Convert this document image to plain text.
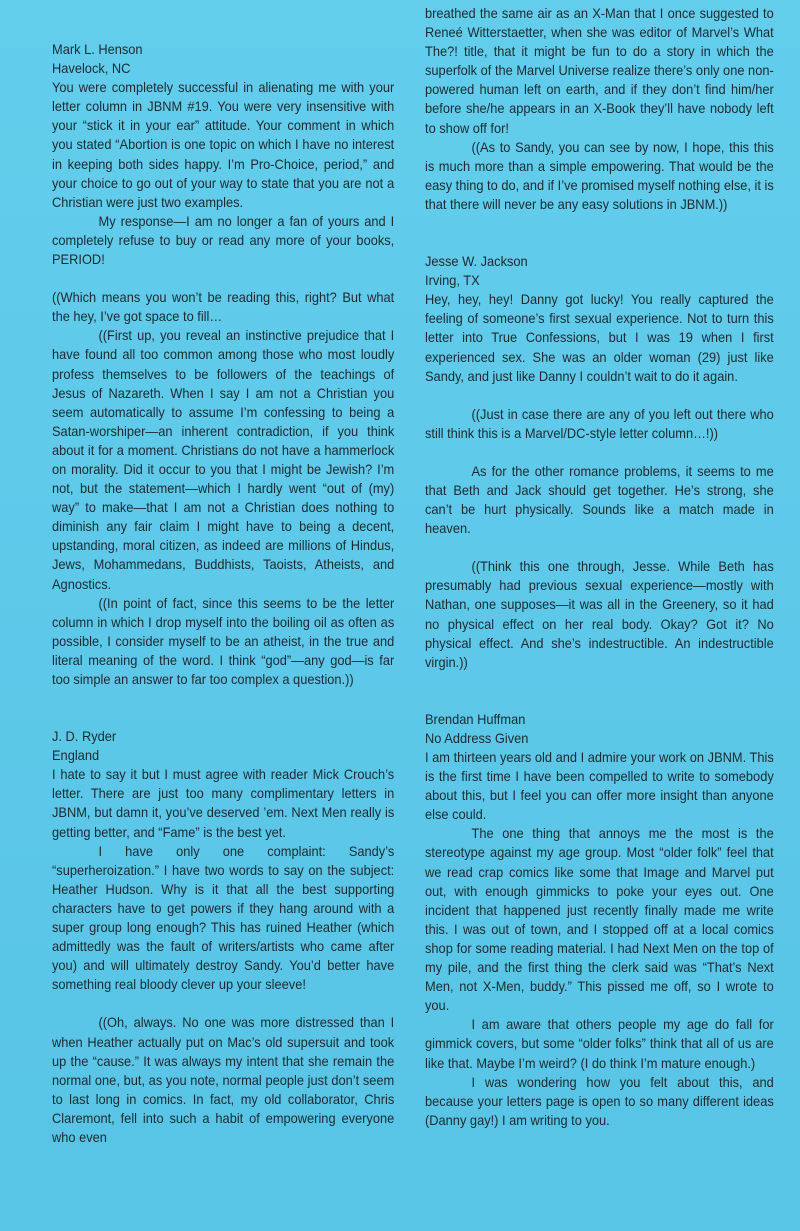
Mark L. Henson

Havelock, NC

You were completely successful in alienating me with your letter column in JBNM #19. You were very insensitive with your “stick it in your ear” attitude. Your comment in which you stated “Abortion is one topic on which I have no interest in keeping both sides happy. I’m Pro-Choice, period,” and your choice to go out of your way to state that you are not a Christian were just two examples.

My response—I am no longer a fan of yours and I completely refuse to buy or read any more of your books, PERIOD!

((Which means you won’t be reading this, right? But what the hey, I’ve got space to fill…

((First up, you reveal an instinctive prejudice that I have found all too common among those who most loudly profess themselves to be followers of the teachings of Jesus of Nazareth. When I say I am not a Christian you seem automatically to assume I’m confessing to being a Satan-worshiper—an inherent contradiction, if you think about it for a moment. Christians do not have a hammerlock on morality. Did it occur to you that I might be Jewish? I’m not, but the statement—which I hardly went “out of (my) way” to make—that I am not a Christian does nothing to diminish any fair claim I might have to being a decent, upstanding, moral citizen, as indeed are millions of Hindus, Jews, Mohammedans, Buddhists, Taoists, Atheists, and Agnostics.

((In point of fact, since this seems to be the letter column in which I drop myself into the boiling oil as often as possible, I consider myself to be an atheist, in the true and literal meaning of the word. I think “god”—any god—is far too simple an answer to far too complex a question.))

J. D. Ryder

England

I hate to say it but I must agree with reader Mick Crouch’s letter. There are just too many complimentary letters in JBNM, but damn it, you’ve deserved ’em. Next Men really is getting better, and “Fame” is the best yet.

I have only one complaint: Sandy’s “superheroization.” I have two words to say on the subject: Heather Hudson. Why is it that all the best supporting characters have to get powers if they hang around with a super group long enough? This has ruined Heather (which admittedly was the fault of writers/artists who came after you) and will ultimately destroy Sandy. You’d better have something real bloody clever up your sleeve!

((Oh, always. No one was more distressed than I when Heather actually put on Mac’s old supersuit and took up the “cause.” It was always my intent that she remain the normal one, but, as you note, normal people just don’t seem to last long in comics. In fact, my old collaborator, Chris Claremont, fell into such a habit of empowering everyone who even

breathed the same air as an X-Man that I once suggested to Reneé Witterstaetter, when she was editor of Marvel’s What The?! title, that it might be fun to do a story in which the superfolk of the Marvel Universe realize there’s only one non-powered human left on earth, and if they don’t find him/her before she/he appears in an X-Book they’ll have nobody left to show off for!

((As to Sandy, you can see by now, I hope, this this is much more than a simple empowering. That would be the easy thing to do, and if I’ve promised myself nothing else, it is that there will never be any easy solutions in JBNM.))

Jesse W. Jackson

Irving, TX

Hey, hey, hey! Danny got lucky! You really captured the feeling of someone’s first sexual experience. Not to turn this letter into True Confessions, but I was 19 when I first experienced sex. She was an older woman (29) just like Sandy, and just like Danny I couldn’t wait to do it again.

((Just in case there are any of you left out there who still think this is a Marvel/DC-style letter column…!))

As for the other romance problems, it seems to me that Beth and Jack should get together. He’s strong, she can’t be hurt physically. Sounds like a match made in heaven.

((Think this one through, Jesse. While Beth has presumably had previous sexual experience—mostly with Nathan, one supposes—it was all in the Greenery, so it had no physical effect on her real body. Okay? Got it? No physical effect. And she’s indestructible. An indestructible virgin.))

Brendan Huffman

No Address Given

I am thirteen years old and I admire your work on JBNM. This is the first time I have been compelled to write to somebody about this, but I feel you can offer more insight than anyone else could.

The one thing that annoys me the most is the stereotype against my age group. Most “older folk” feel that we read crap comics like some that Image and Marvel put out, with enough gimmicks to poke your eyes out. One incident that happened just recently finally made me write this. I was out of town, and I stopped off at a local comics shop for some reading material. I had Next Men on the top of my pile, and the first thing the clerk said was “That’s Next Men, not X-Men, buddy.” This pissed me off, so I wrote to you.

I am aware that others people my age do fall for gimmick covers, but some “older folks” think that all of us are like that. Maybe I’m weird? (I do think I’m mature enough.)

I was wondering how you felt about this, and because your letters page is open to so many different ideas (Danny gay!) I am writing to you.
